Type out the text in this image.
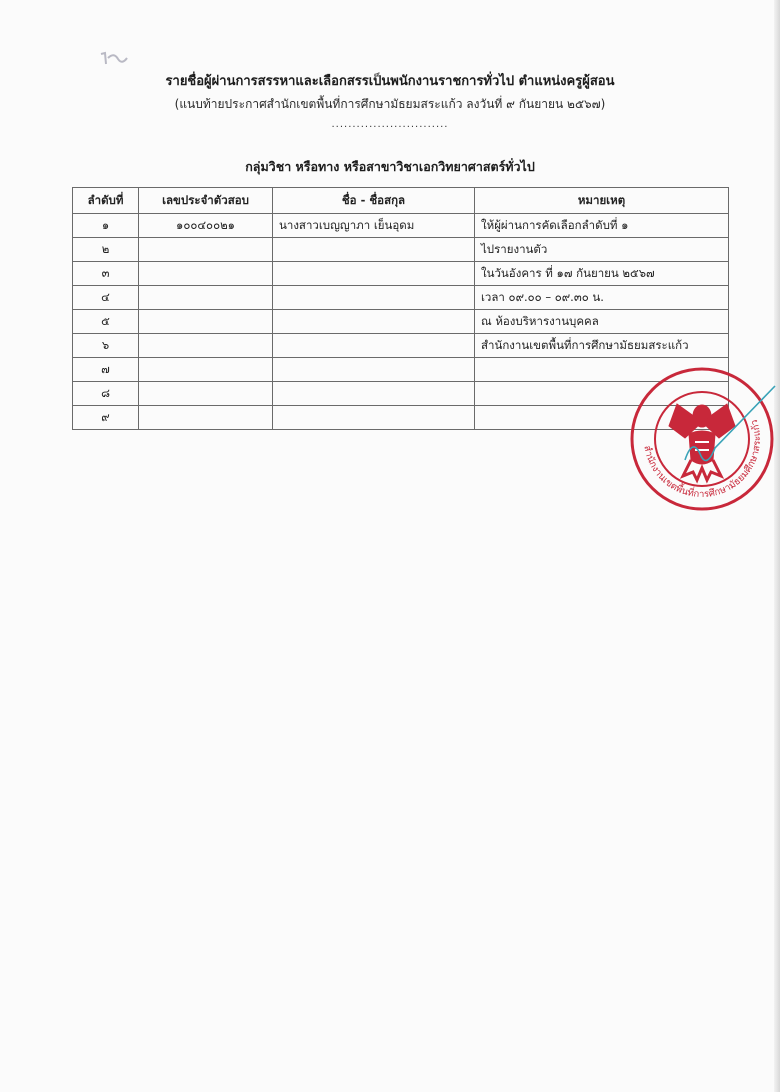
รายชื่อผู้ผ่านการสรรหาและเลือกสรรเป็นพนักงานราชการทั่วไป ตำแหน่งครูผู้สอน
(แนบท้ายประกาศสำนักเขตพื้นที่การศึกษามัธยมสระแก้ว ลงวันที่ ๙ กันยายน ๒๕๖๗)
............................
กลุ่มวิชา หรือทาง หรือสาขาวิชาเอกวิทยาศาสตร์ทั่วไป
ลำดับที่	เลขประจำตัวสอบ	ชื่อ - ชื่อสกุล	หมายเหตุ
๑	๑๐๐๔๐๐๒๑	นางสาวเบญญาภา เย็นอุดม	ให้ผู้ผ่านการคัดเลือกลำดับที่ ๑
๒			ไปรายงานตัว
๓			ในวันอังคาร ที่ ๑๗ กันยายน ๒๕๖๗
๔			เวลา ๐๙.๐๐ – ๐๙.๓๐ น.
๕			ณ ห้องบริหารงานบุคคล
๖			สำนักงานเขตพื้นที่การศึกษามัธยมสระแก้ว
๗			
๘			
๙			
สำนักงานเขตพื้นที่การศึกษามัธยมศึกษาสระแก้ว
